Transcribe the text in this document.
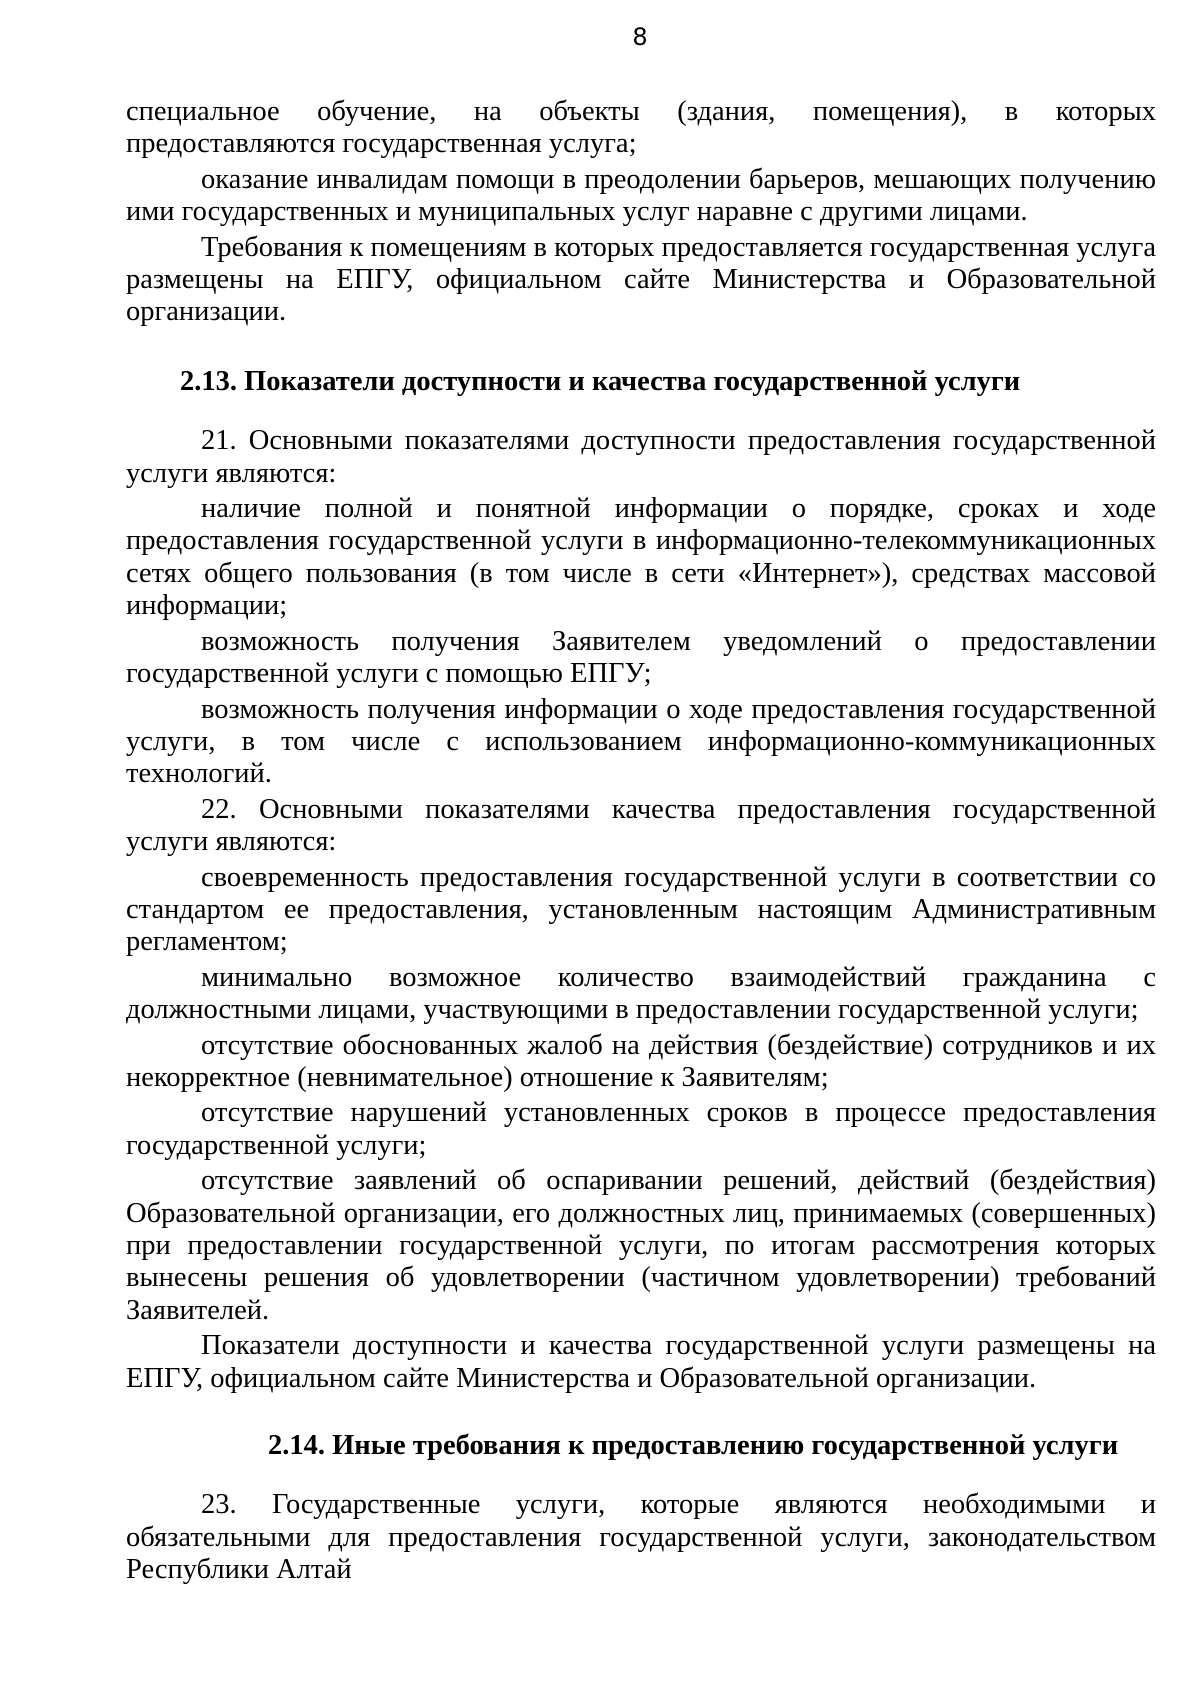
8

специальное обучение, на объекты (здания, помещения), в которых предоставляются государственная услуга;

оказание инвалидам помощи в преодолении барьеров, мешающих получению ими государственных и муниципальных услуг наравне с другими лицами.

Требования к помещениям в которых предоставляется государственная услуга размещены на ЕПГУ, официальном сайте Министерства и Образовательной организации.

2.13. Показатели доступности и качества государственной услуги

21. Основными показателями доступности предоставления государственной услуги являются:

наличие полной и понятной информации о порядке, сроках и ходе предоставления государственной услуги в информационно-телекоммуникационных сетях общего пользования (в том числе в сети «Интернет»), средствах массовой информации;

возможность получения Заявителем уведомлений о предоставлении государственной услуги с помощью ЕПГУ;

возможность получения информации о ходе предоставления государственной услуги, в том числе с использованием информационно-коммуникационных технологий.

22. Основными показателями качества предоставления государственной услуги являются:

своевременность предоставления государственной услуги в соответствии со стандартом ее предоставления, установленным настоящим Административным регламентом;

минимально возможное количество взаимодействий гражданина с должностными лицами, участвующими в предоставлении государственной услуги;

отсутствие обоснованных жалоб на действия (бездействие) сотрудников и их некорректное (невнимательное) отношение к Заявителям;

отсутствие нарушений установленных сроков в процессе предоставления государственной услуги;

отсутствие заявлений об оспаривании решений, действий (бездействия) Образовательной организации, его должностных лиц, принимаемых (совершенных) при предоставлении государственной услуги, по итогам рассмотрения которых вынесены решения об удовлетворении (частичном удовлетворении) требований Заявителей.

Показатели доступности и качества государственной услуги размещены на ЕПГУ, официальном сайте Министерства и Образовательной организации.

2.14. Иные требования к предоставлению государственной услуги

23. Государственные услуги, которые являются необходимыми и обязательными для предоставления государственной услуги, законодательством Республики Алтай
